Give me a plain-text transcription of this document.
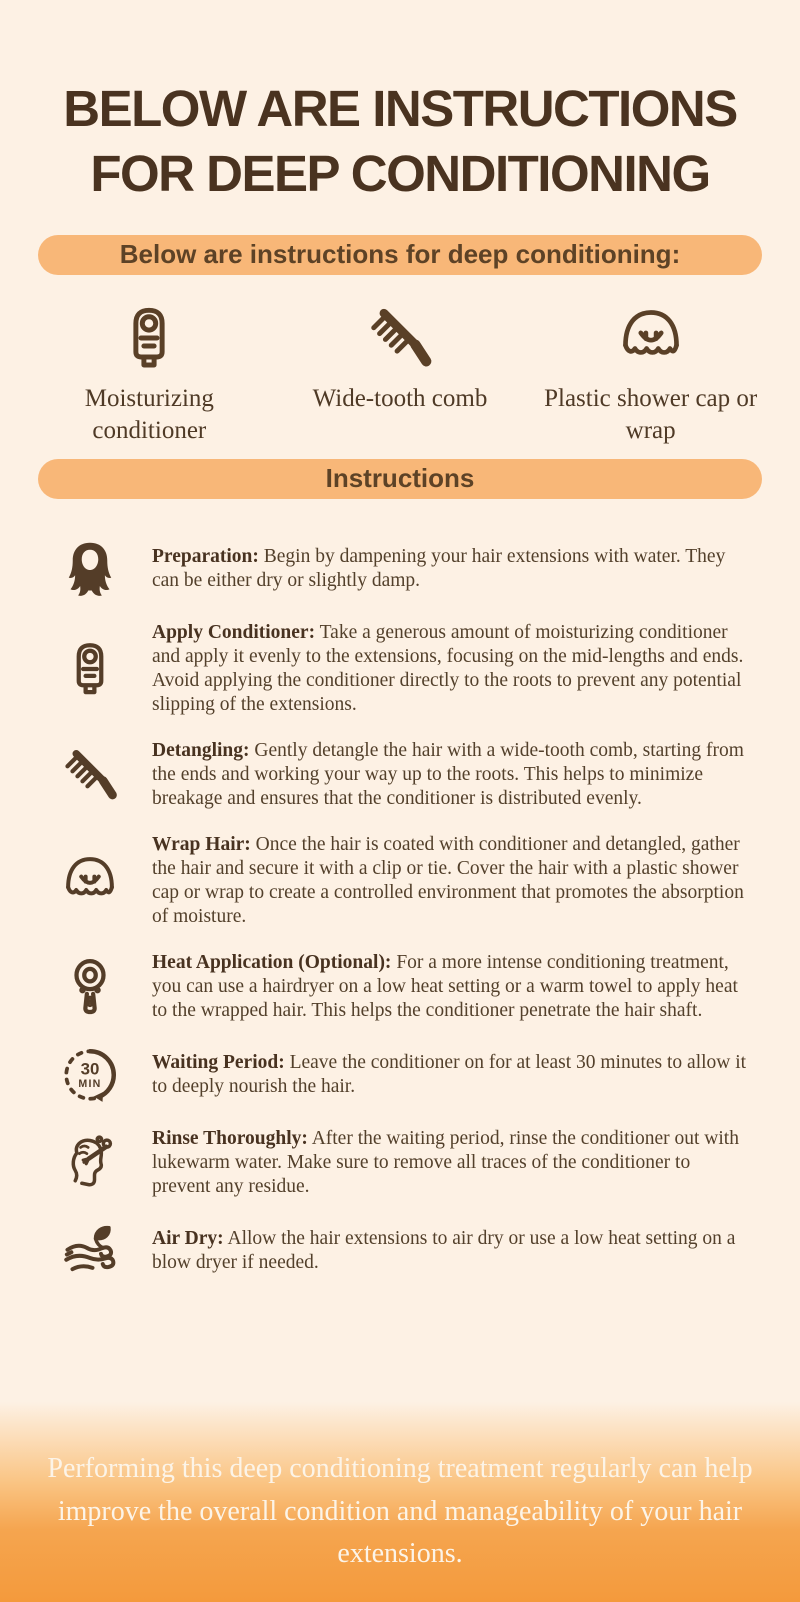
BELOW ARE INSTRUCTIONS FOR DEEP CONDITIONING
Below are instructions for deep conditioning:
Moisturizing conditioner
Wide-tooth comb	Plastic shower cap or wrap
Instructions

Preparation: Begin by dampening your hair extensions with water. They can be either dry or slightly damp.

Apply Conditioner: Take a generous amount of moisturizing conditioner and apply it evenly to the extensions, focusing on the mid-lengths and ends. Avoid applying the conditioner directly to the roots to prevent any potential slipping of the extensions.

Detangling: Gently detangle the hair with a wide-tooth comb, starting from the ends and working your way up to the roots. This helps to minimize breakage and ensures that the conditioner is distributed evenly.

Wrap Hair: Once the hair is coated with conditioner and detangled, gather the hair and secure it with a clip or tie. Cover the hair with a plastic shower cap or wrap to create a controlled environment that promotes the absorption of moisture.

Heat Application (Optional): For a more intense conditioning treatment, you can use a hairdryer on a low heat setting or a warm towel to apply heat to the wrapped hair. This helps the conditioner penetrate the hair shaft.

Waiting Period: Leave the conditioner on for at least 30 minutes to allow it to deeply nourish the hair.

Rinse Thoroughly: After the waiting period, rinse the conditioner out with lukewarm water. Make sure to remove all traces of the conditioner to prevent any residue.

Air Dry: Allow the hair extensions to air dry or use a low heat setting on a blow dryer if needed.

Performing this deep conditioning treatment regularly can help improve the overall condition and manageability of your hair extensions.
